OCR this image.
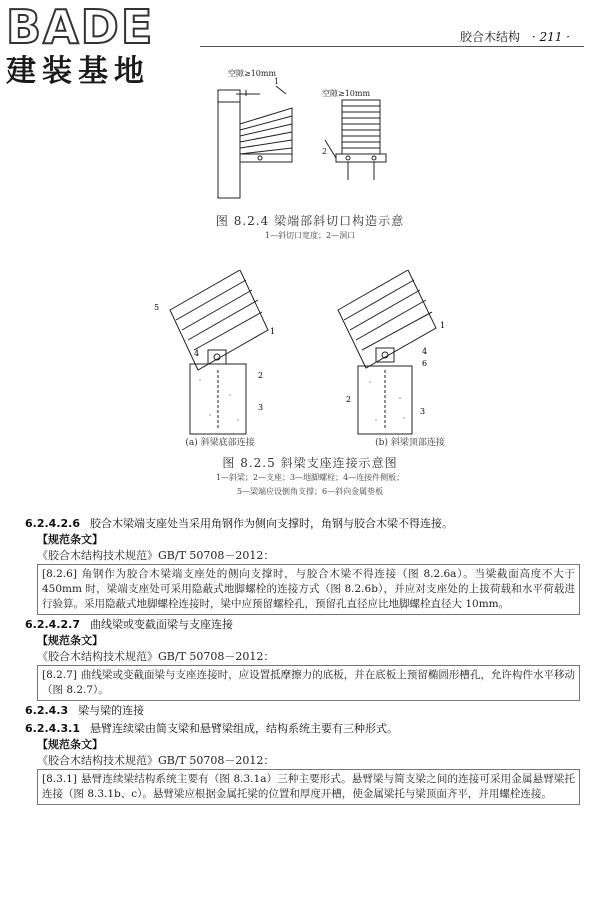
BADE
建装基地
胶合木结构 · 211 ·
空隙≥10mm
1
空隙≥10mm
2
图 8.2.4 梁端部斜切口构造示意
1—斜切口宽度；2—洞口
5
1
4
2
3
1
4
6
2
3
(a) 斜梁底部连接	(b) 斜梁顶部连接
图 8.2.5 斜梁支座连接示意图
1—斜梁；2—支座；3—地脚螺栓；4—连接件侧板；
5—梁端应设倒角支撑；6—斜向金属垫板
6.2.4.2.6 胶合木梁端支座处当采用角钢作为侧向支撑时，角钢与胶合木梁不得连接。
【规范条文】
《胶合木结构技术规范》GB/T 50708－2012：
[8.2.6] 角钢作为胶合木梁端支座处的侧向支撑时，与胶合木梁不得连接（图 8.2.6a）。当梁截面高度不大于 450mm 时，梁端支座处可采用隐蔽式地脚螺栓的连接方式（图 8.2.6b），并应对支座处的上拔荷载和水平荷载进行验算。采用隐蔽式地脚螺栓连接时，梁中应预留螺栓孔，预留孔直径应比地脚螺栓直径大 10mm。
6.2.4.2.7 曲线梁或变截面梁与支座连接
【规范条文】
《胶合木结构技术规范》GB/T 50708－2012：
[8.2.7] 曲线梁或变截面梁与支座连接时，应设置抵摩擦力的底板，并在底板上预留椭圆形槽孔，允许构件水平移动（图 8.2.7）。
6.2.4.3 梁与梁的连接
6.2.4.3.1 悬臂连续梁由简支梁和悬臂梁组成，结构系统主要有三种形式。
【规范条文】
《胶合木结构技术规范》GB/T 50708－2012：
[8.3.1] 悬臂连续梁结构系统主要有（图 8.3.1a）三种主要形式。悬臂梁与简支梁之间的连接可采用金属悬臂梁托连接（图 8.3.1b、c）。悬臂梁应根据金属托梁的位置和厚度开槽，使金属梁托与梁顶面齐平，并用螺栓连接。
